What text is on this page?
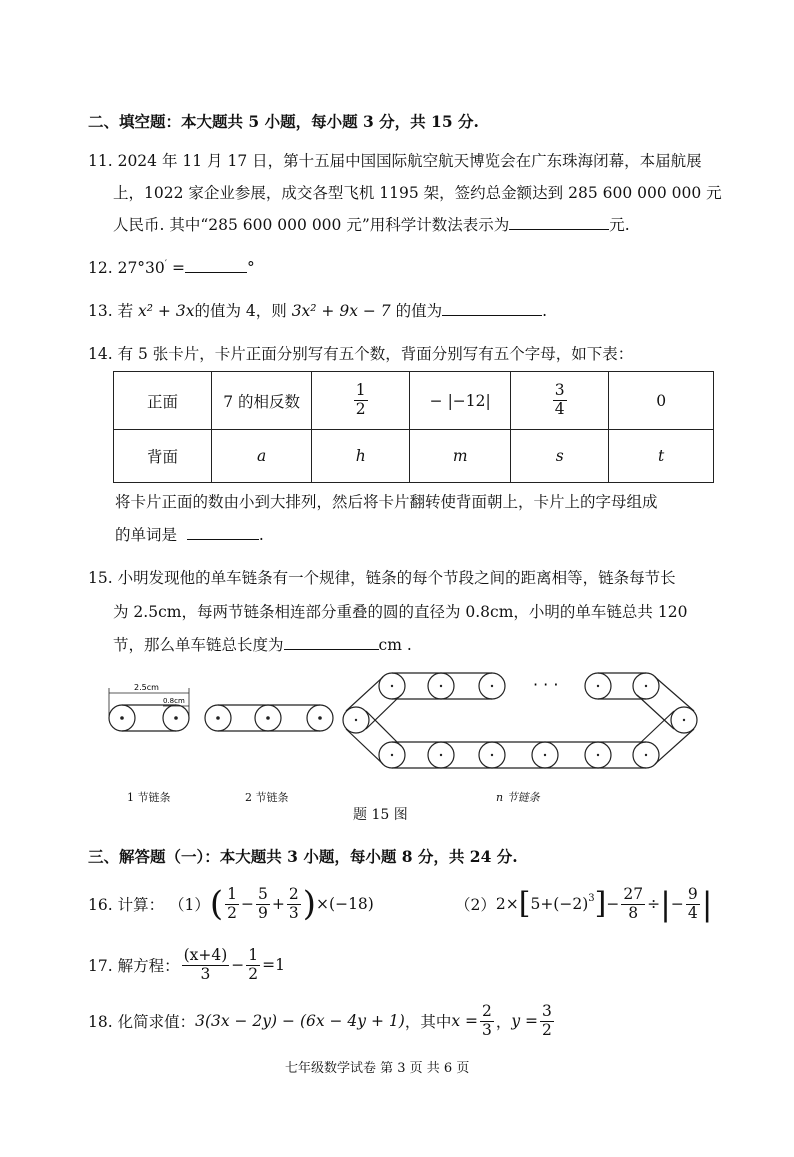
二、填空题：本大题共 5 小题，每小题 3 分，共 15 分.
11. 2024 年 11 月 17 日，第十五届中国国际航空航天博览会在广东珠海闭幕，本届航展
上，1022 家企业参展，成交各型飞机 1195 架，签约总金额达到 285 600 000 000 元
人民币. 其中“285 600 000 000 元”用科学计数法表示为	元.
12. 27°30′ =	°
13. 若 x² + 3x的值为 4，则 3x² + 9x − 7 的值为	.
14. 有 5 张卡片，卡片正面分别写有五个数，背面分别写有五个字母，如下表：
正面	7 的相反数	$\frac{1}{2}$	− |−12|	$\frac{3}{4}$	0
背面	a	h	m	s	t
将卡片正面的数由小到大排列，然后将卡片翻转使背面朝上，卡片上的字母组成
的单词是	.
15. 小明发现他的单车链条有一个规律，链条的每个节段之间的距离相等，链条每节长
为 2.5cm，每两节链条相连部分重叠的圆的直径为 0.8cm，小明的单车链总共 120
节，那么单车链总长度为	cm .
2.5cm
0.8cm
· · ·
1 节链条	2 节链条	n 节链条
题 15 图
三、解答题（一）：本大题共 3 小题，每小题 8 分，共 24 分.
16. 计算：
（1） ( $\frac{1}{2} - \frac{5}{9} + \frac{2}{3}$ ) ×(−18)	（2） 2× [ $5+(-2)^3$ ] − $\frac{27}{8}$ ÷ | − $\frac{9}{4}$ |
17. 解方程： $\frac{(x+4)}{3} - \frac{1}{2} =1$
18. 化简求值： 3(3x − 2y) − (6x − 4y + 1) ，其中 $x = \frac{2}{3}$ ， $y = \frac{3}{2}$
七年级数学试卷 第 3 页 共 6 页
